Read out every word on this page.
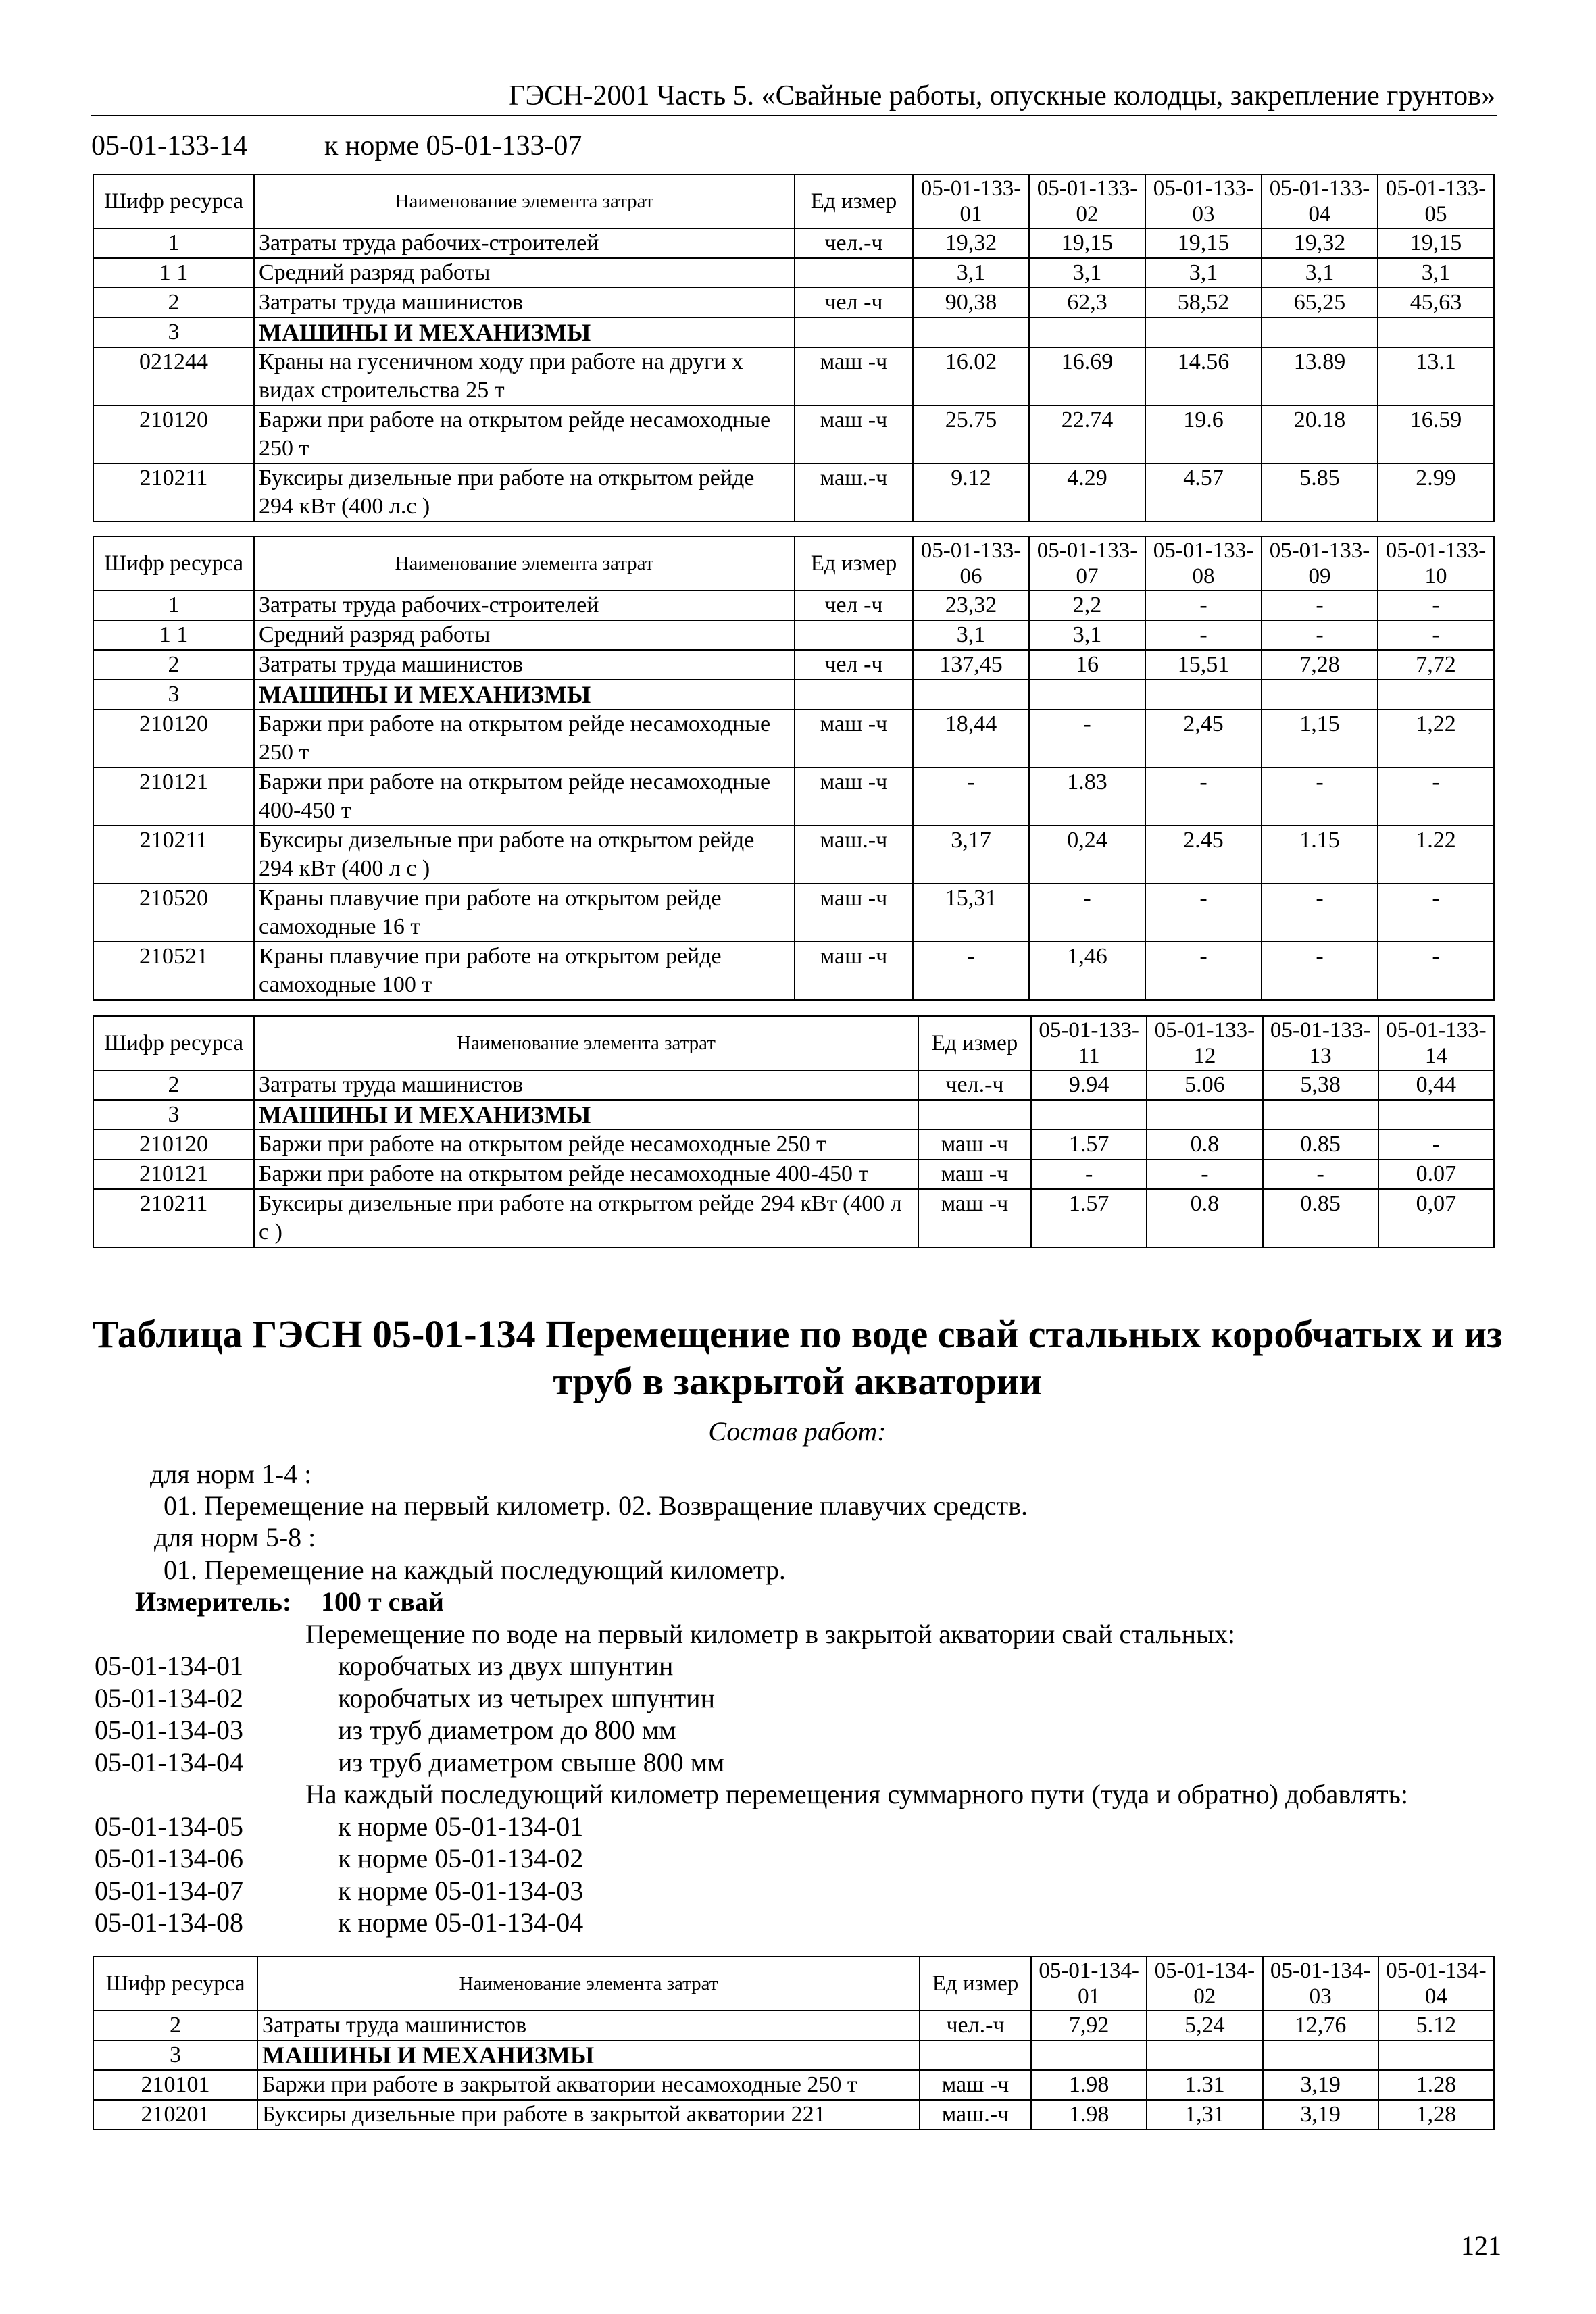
ГЭСН-2001 Часть 5. «Свайные работы, опускные колодцы, закрепление грунтов»
05-01-133-14	к норме 05-01-133-07
Шифр ресурса	Наименование элемента затрат	Ед измер	05-01-133-01	05-01-133-02	05-01-133-03	05-01-133-04	05-01-133-05
1	Затраты труда рабочих-строителей	чел.-ч	19,32	19,15	19,15	19,32	19,15
1 1	Средний разряд работы		3,1	3,1	3,1	3,1	3,1
2	Затраты труда машинистов	чел -ч	90,38	62,3	58,52	65,25	45,63
3	МАШИНЫ И МЕХАНИЗМЫ						
021244	Краны на гусеничном ходу при работе на други х видах строительства 25 т	маш -ч	16.02	16.69	14.56	13.89	13.1
210120	Баржи при работе на открытом рейде несамоходные 250 т	маш -ч	25.75	22.74	19.6	20.18	16.59
210211	Буксиры дизельные при работе на открытом рейде 294 кВт (400 л.с )	маш.-ч	9.12	4.29	4.57	5.85	2.99
Шифр ресурса	Наименование элемента затрат	Ед измер	05-01-133-06	05-01-133-07	05-01-133-08	05-01-133-09	05-01-133-10
1	Затраты труда рабочих-строителей	чел -ч	23,32	2,2	-	-	-
1 1	Средний разряд работы		3,1	3,1	-	-	-
2	Затраты труда машинистов	чел -ч	137,45	16	15,51	7,28	7,72
3	МАШИНЫ И МЕХАНИЗМЫ						
210120	Баржи при работе на открытом рейде несамоходные 250 т	маш -ч	18,44	-	2,45	1,15	1,22
210121	Баржи при работе на открытом рейде несамоходные 400-450 т	маш -ч	-	1.83	-	-	-
210211	Буксиры дизельные при работе на открытом рейде 294 кВт (400 л с )	маш.-ч	3,17	0,24	2.45	1.15	1.22
210520	Краны плавучие при работе на открытом рейде самоходные 16 т	маш -ч	15,31	-	-	-	-
210521	Краны плавучие при работе на открытом рейде самоходные 100 т	маш -ч	-	1,46	-	-	-
Шифр ресурса	Наименование элемента затрат	Ед измер	05-01-133-11	05-01-133-12	05-01-133-13	05-01-133-14
2	Затраты труда машинистов	чел.-ч	9.94	5.06	5,38	0,44
3	МАШИНЫ И МЕХАНИЗМЫ					
210120	Баржи при работе на открытом рейде несамоходные 250 т	маш -ч	1.57	0.8	0.85	-
210121	Баржи при работе на открытом рейде несамоходные 400-450 т	маш -ч	-	-	-	0.07
210211	Буксиры дизельные при работе на открытом рейде 294 кВт (400 л с )	маш -ч	1.57	0.8	0.85	0,07
Таблица ГЭСН 05-01-134 Перемещение по воде свай стальных коробчатых и из труб в закрытой акватории
Состав работ:
для норм 1-4 :
01. Перемещение на первый километр. 02. Возвращение плавучих средств.
для норм 5-8 :
01. Перемещение на каждый последующий километр.
Измеритель: 100 т свай
Перемещение по воде на первый километр в закрытой акватории свай стальных:
05-01-134-01	коробчатых из двух шпунтин
05-01-134-02	коробчатых из четырех шпунтин
05-01-134-03	из труб диаметром до 800 мм
05-01-134-04	из труб диаметром свыше 800 мм
На каждый последующий километр перемещения суммарного пути (туда и обратно) добавлять:
05-01-134-05	к норме 05-01-134-01
05-01-134-06	к норме 05-01-134-02
05-01-134-07	к норме 05-01-134-03
05-01-134-08	к норме 05-01-134-04
Шифр ресурса	Наименование элемента затрат	Ед измер	05-01-134-01	05-01-134-02	05-01-134-03	05-01-134-04
2	Затраты труда машинистов	чел.-ч	7,92	5,24	12,76	5.12
3	МАШИНЫ И МЕХАНИЗМЫ					
210101	Баржи при работе в закрытой акватории несамоходные 250 т	маш -ч	1.98	1.31	3,19	1.28
210201	Буксиры дизельные при работе в закрытой акватории 221	маш.-ч	1.98	1,31	3,19	1,28
121
